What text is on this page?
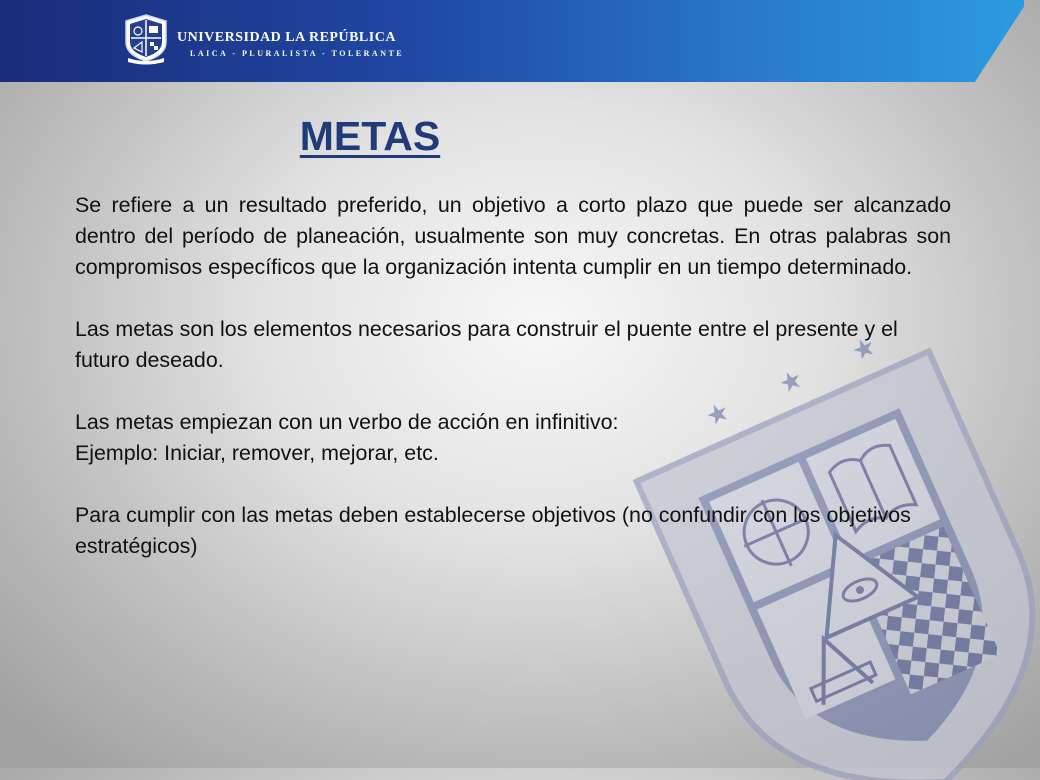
UNIVERSIDAD LA REPÚBLICA
LAICA - PLURALISTA - TOLERANTE
★
★
★
METAS

Se refiere a un resultado preferido, un objetivo a corto plazo que puede ser alcanzado dentro del período de planeación, usualmente son muy concretas. En otras palabras son compromisos específicos que la organización intenta cumplir en un tiempo determinado.

Las metas son los elementos necesarios para construir el puente entre el presente y el futuro deseado.

Las metas empiezan con un verbo de acción en infinitivo:

Ejemplo: Iniciar, remover, mejorar, etc.

Para cumplir con las metas deben establecerse objetivos (no confundir con los objetivos estratégicos)
